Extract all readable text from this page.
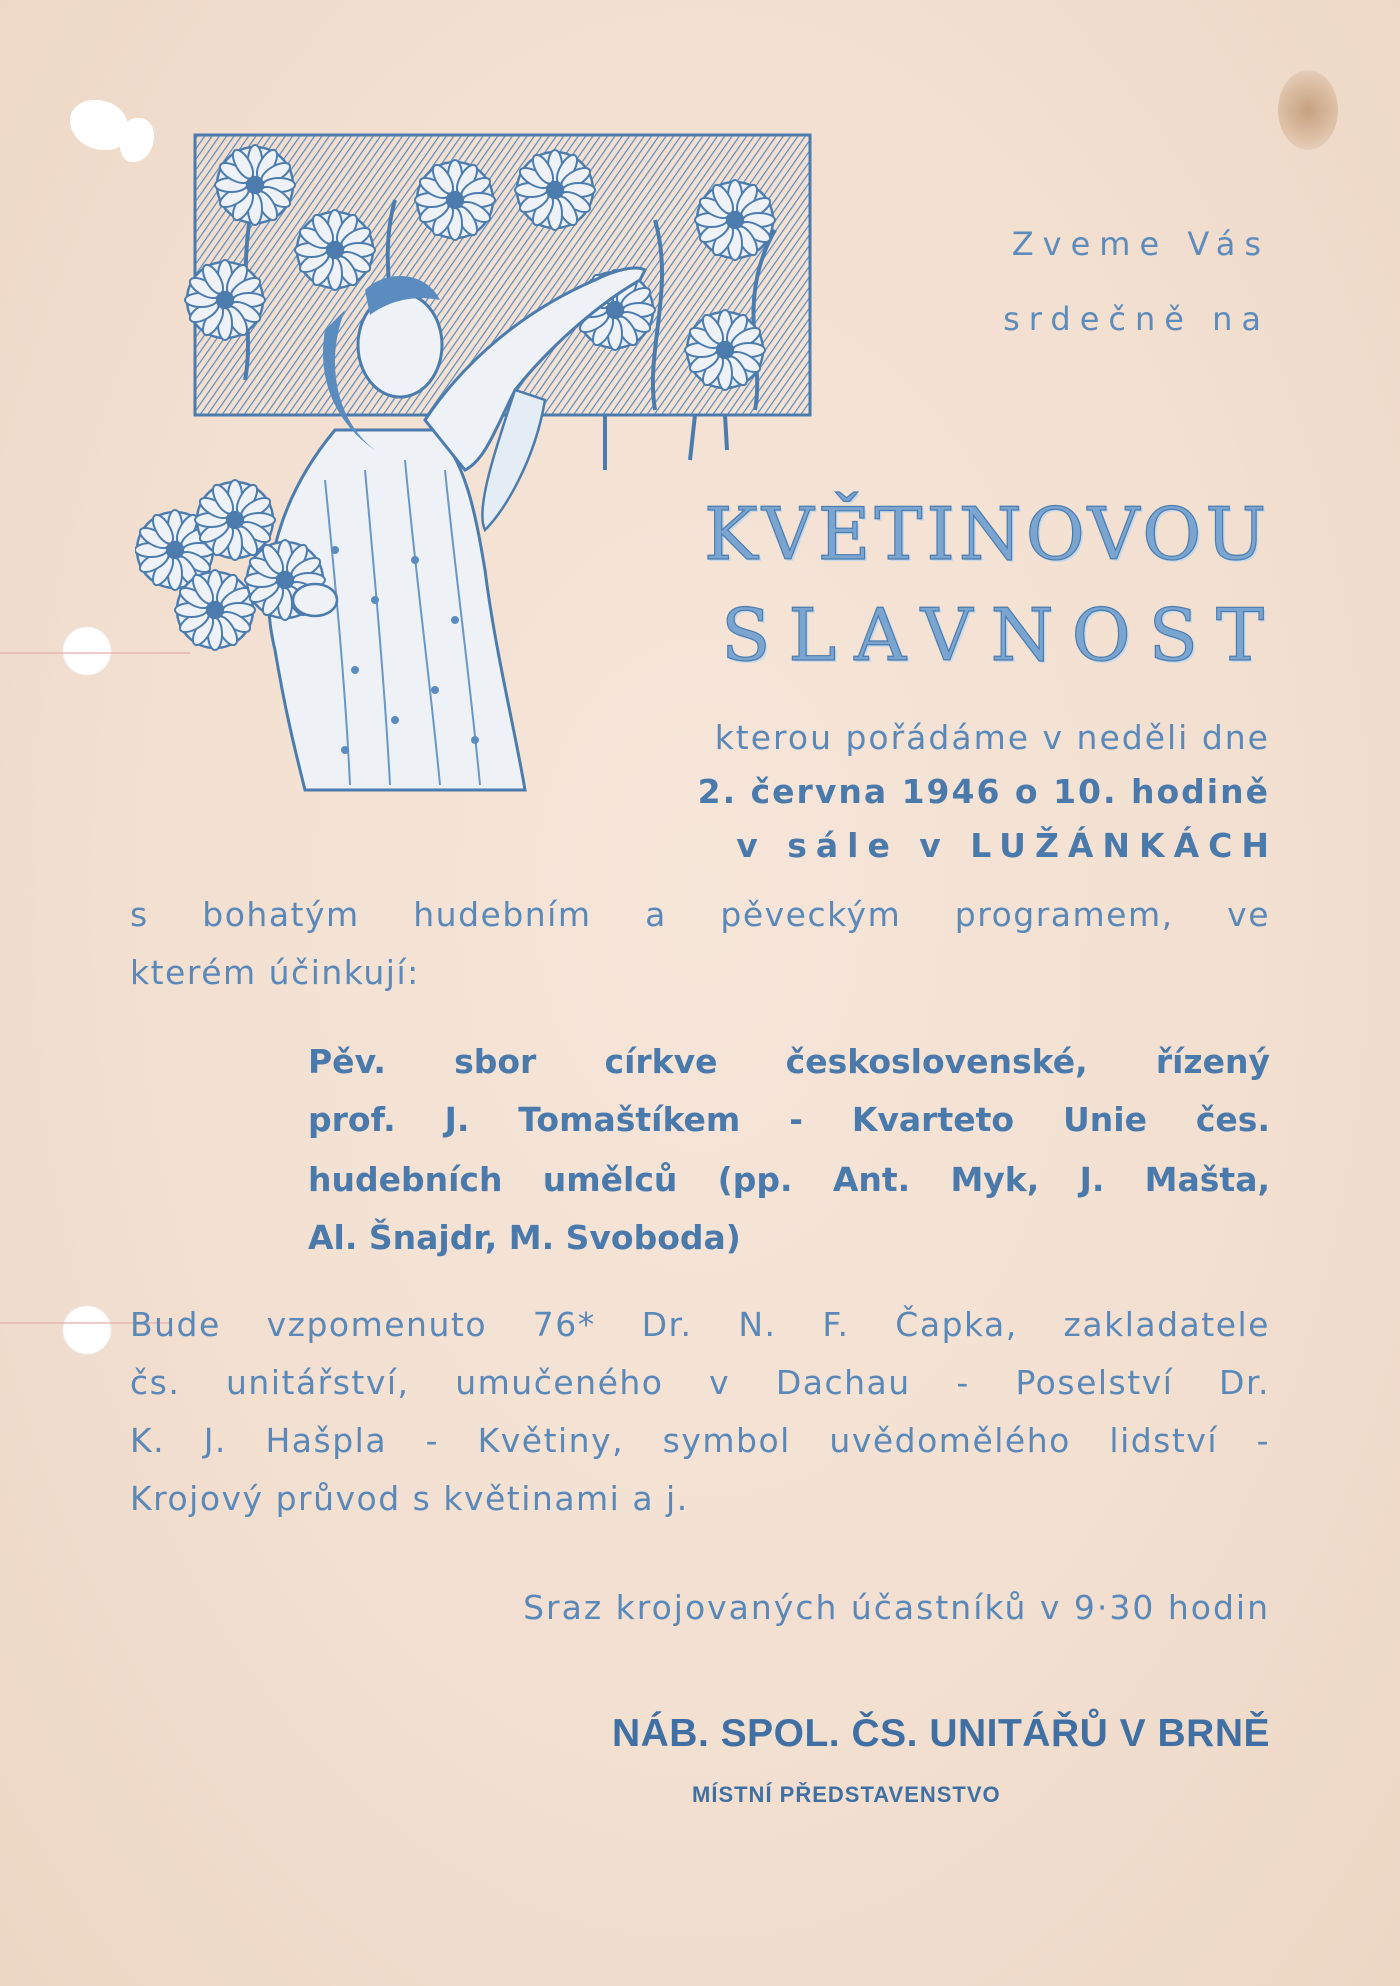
Zveme Vás

srdečně na

KVĚTINOVOU

SLAVNOST

kterou pořádáme v neděli dne

2. června 1946 o 10. hodině

v sále v LUŽÁNKÁCH

s bohatým hudebním a pěveckým programem, ve

kterém účinkují:

Pěv. sbor církve československé, řízený

prof. J. Tomaštíkem - Kvarteto Unie čes.

hudebních umělců (pp. Ant. Myk, J. Mašta,

Al. Šnajdr, M. Svoboda)

Bude vzpomenuto 76* Dr. N. F. Čapka, zakladatele

čs. unitářství, umučeného v Dachau - Poselství Dr.

K. J. Hašpla - Květiny, symbol uvědomělého lidství -

Krojový průvod s květinami a j.

Sraz krojovaných účastníků v 9·30 hodin

NÁB. SPOL. ČS. UNITÁŘŮ V BRNĚ

MÍSTNÍ PŘEDSTAVENSTVO
